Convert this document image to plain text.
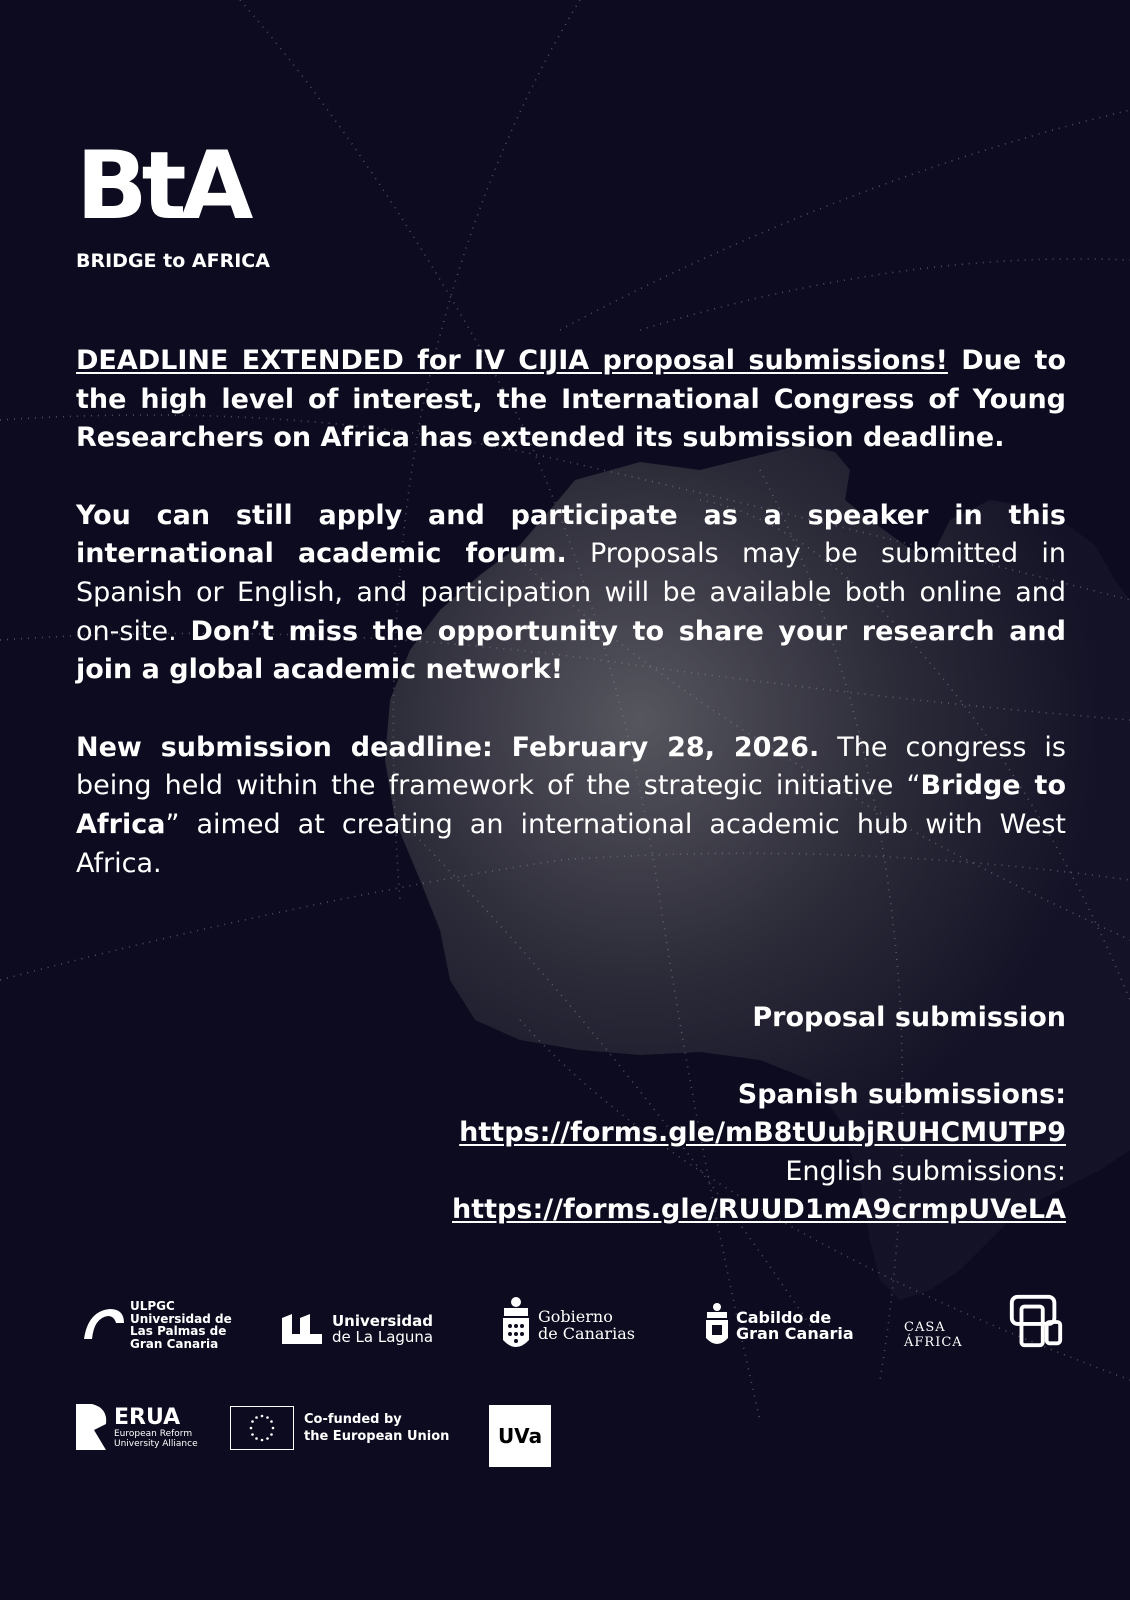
BtA
BRIDGE to AFRICA

DEADLINE EXTENDED for IV CIJIA proposal submissions! Due to the high level of interest, the International Congress of Young Researchers on Africa has extended its submission deadline.

You can still apply and participate as a speaker in this international academic forum. Proposals may be submitted in Spanish or English, and participation will be available both online and on-site. Don’t miss the opportunity to share your research and join a global academic network!

New submission deadline: February 28, 2026. The congress is being held within the framework of the strategic initiative “Bridge to Africa” aimed at creating an international academic hub with West Africa.

Proposal submission
Spanish submissions:
https://forms.gle/mB8tUubjRUHCMUTP9
English submissions:
https://forms.gle/RUUD1mA9crmpUVeLA
ULPGC
Universidad de
Las Palmas de
Gran Canaria
Universidad
de La Laguna
Gobierno
de Canarias
Cabildo de
Gran Canaria	CASA ÁFRICA
ERUA
European Reform
University Alliance
Co-funded by
the European Union	UVa
